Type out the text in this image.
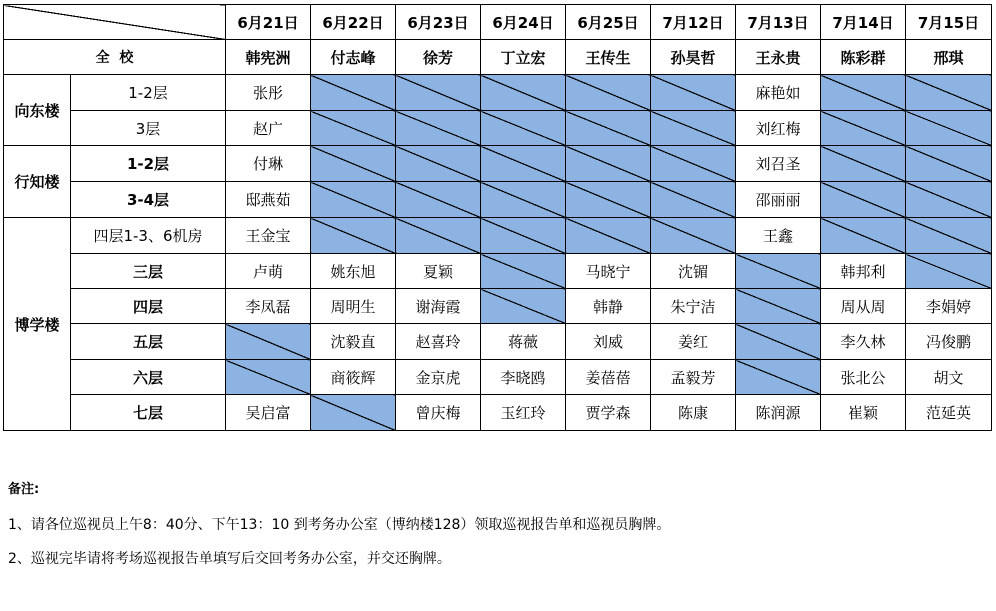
		6月21日	6月22日	6月23日	6月24日	6月25日	7月12日	7月13日	7月14日	7月15日
全  校		韩宪洲	付志峰	徐芳	丁立宏	王传生	孙昊哲	王永贵	陈彩群	邢琪
向东楼	1-2层	张彤						麻艳如		
	3层	赵广						刘红梅		
行知楼	1-2层	付琳						刘召圣		
	3-4层	邸燕茹						邵丽丽		
博学楼	四层1-3、6机房	王金宝						王鑫		
	三层	卢萌	姚东旭	夏颖		马晓宁	沈镅		韩邦利	
	四层	李凤磊	周明生	谢海霞		韩静	朱宁洁		周从周	李娟婷
	五层		沈毅直	赵喜玲	蒋薇	刘威	姜红		李久林	冯俊鹏
	六层		商筱辉	金京虎	李晓鸥	姜蓓蓓	孟毅芳		张北公	胡文
	七层	吴启富		曾庆梅	玉红玲	贾学森	陈康	陈润源	崔颖	范延英
备注:
1、请各位巡视员上午8：40分、下午13：10 到考务办公室（博纳楼128）领取巡视报告单和巡视员胸牌。
2、巡视完毕请将考场巡视报告单填写后交回考务办公室，并交还胸牌。
